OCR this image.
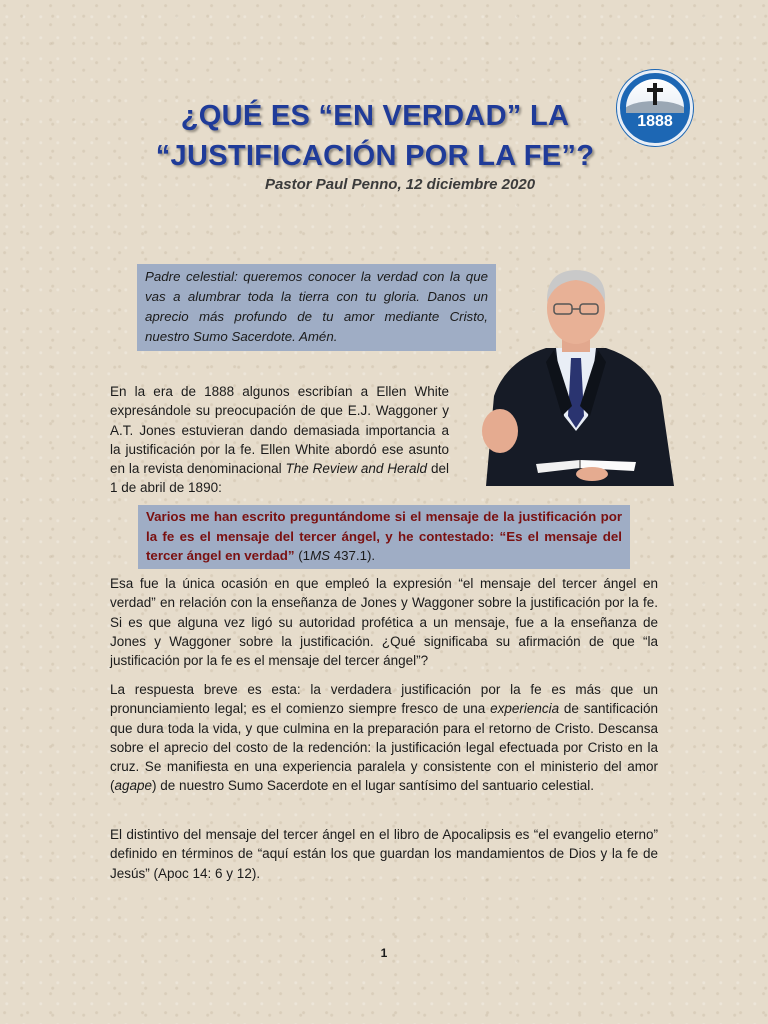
¿QUÉ ES “EN VERDAD” LA
“JUSTIFICACIÓN POR LA FE”?
Pastor Paul Penno, 12 diciembre 2020
1888
Padre celestial: queremos conocer la verdad con la que vas a alumbrar toda la tierra con tu gloria. Danos un aprecio más profundo de tu amor mediante Cristo, nuestro Sumo Sacerdote. Amén.
En la era de 1888 algunos escribían a Ellen White expresándole su preocupación de que E.J. Waggoner y A.T. Jones estuvieran dando demasiada importancia a la justificación por la fe. Ellen White abordó ese asunto en la revista denominacional The Review and Herald del 1 de abril de 1890:
Varios me han escrito preguntándome si el mensaje de la justificación por la fe es el mensaje del tercer ángel, y he contestado: “Es el mensaje del tercer ángel en verdad” (1MS 437.1).
Esa fue la única ocasión en que empleó la expresión “el mensaje del tercer ángel en verdad” en relación con la enseñanza de Jones y Waggoner sobre la justificación por la fe. Si es que alguna vez ligó su autoridad profética a un mensaje, fue a la enseñanza de Jones y Waggoner sobre la justificación. ¿Qué significaba su afirmación de que “la justificación por la fe es el mensaje del tercer ángel”?
La respuesta breve es esta: la verdadera justificación por la fe es más que un pronunciamiento legal; es el comienzo siempre fresco de una experiencia de santificación que dura toda la vida, y que culmina en la preparación para el retorno de Cristo. Descansa sobre el aprecio del costo de la redención: la justificación legal efectuada por Cristo en la cruz. Se manifiesta en una experiencia paralela y consistente con el ministerio del amor (agape) de nuestro Sumo Sacerdote en el lugar santísimo del santuario celestial.
El distintivo del mensaje del tercer ángel en el libro de Apocalipsis es “el evangelio eterno” definido en términos de “aquí están los que guardan los mandamientos de Dios y la fe de Jesús” (Apoc 14: 6 y 12).
1
